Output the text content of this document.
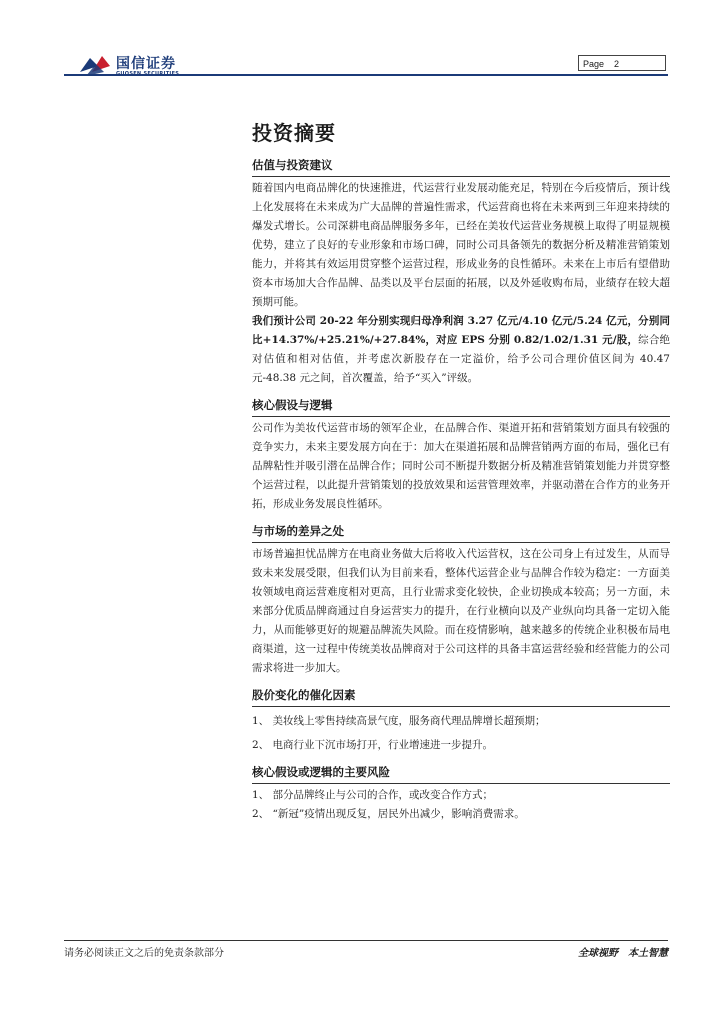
国信证券	Page 2
投资摘要
估值与投资建议

随着国内电商品牌化的快速推进，代运营行业发展动能充足，特别在今后疫情后，预计线上化发展将在未来成为广大品牌的普遍性需求，代运营商也将在未来两到三年迎来持续的爆发式增长。公司深耕电商品牌服务多年，已经在美妆代运营业务规模上取得了明显规模优势，建立了良好的专业形象和市场口碑，同时公司具备领先的数据分析及精准营销策划能力，并将其有效运用贯穿整个运营过程，形成业务的良性循环。未来在上市后有望借助资本市场加大合作品牌、品类以及平台层面的拓展，以及外延收购布局，业绩存在较大超预期可能。

我们预计公司 20-22 年分别实现归母净利润 3.27 亿元/4.10 亿元/5.24 亿元，分别同比+14.37%/+25.21%/+27.84%，对应 EPS 分别 0.82/1.02/1.31 元/股，综合绝对估值和相对估值，并考虑次新股存在一定溢价，给予公司合理价值区间为 40.47 元-48.38 元之间，首次覆盖，给予“买入”评级。

核心假设与逻辑

公司作为美妆代运营市场的领军企业，在品牌合作、渠道开拓和营销策划方面具有较强的竞争实力，未来主要发展方向在于：加大在渠道拓展和品牌营销两方面的布局，强化已有品牌粘性并吸引潜在品牌合作；同时公司不断提升数据分析及精准营销策划能力并贯穿整个运营过程，以此提升营销策划的投放效果和运营管理效率，并驱动潜在合作方的业务开拓，形成业务发展良性循环。

与市场的差异之处

市场普遍担忧品牌方在电商业务做大后将收入代运营权，这在公司身上有过发生，从而导致未来发展受限，但我们认为目前来看，整体代运营企业与品牌合作较为稳定：一方面美妆领域电商运营难度相对更高，且行业需求变化较快，企业切换成本较高；另一方面，未来部分优质品牌商通过自身运营实力的提升，在行业横向以及产业纵向均具备一定切入能力，从而能够更好的规避品牌流失风险。而在疫情影响，越来越多的传统企业积极布局电商渠道，这一过程中传统美妆品牌商对于公司这样的具备丰富运营经验和经营能力的公司需求将进一步加大。

股价变化的催化因素

1、 美妆线上零售持续高景气度，服务商代理品牌增长超预期；

2、 电商行业下沉市场打开，行业增速进一步提升。

核心假设或逻辑的主要风险

1、 部分品牌终止与公司的合作，或改变合作方式；

2、 “新冠”疫情出现反复，居民外出减少，影响消费需求。

请务必阅读正文之后的免责条款部分	全球视野　本土智慧
